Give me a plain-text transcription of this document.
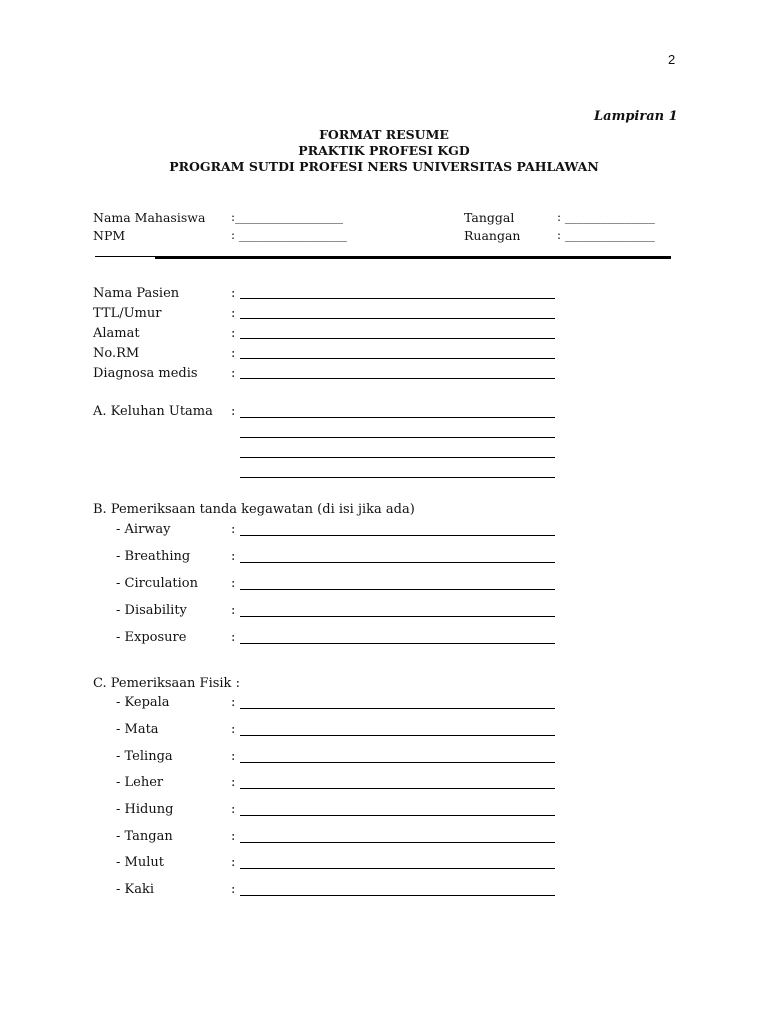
2
Lampiran 1
FORMAT RESUME
PRAKTIK PROFESI KGD
PROGRAM SUTDI PROFESI NERS UNIVERSITAS PAHLAWAN
Nama Mahasiswa :__________________	Tanggal	: _______________
NPM	: __________________	Ruangan	: _______________
Nama Pasien	:
TTL/Umur	:
Alamat	:
No.RM	:
Diagnosa medis	:
A. Keluhan Utama :
B. Pemeriksaan tanda kegawatan (di isi jika ada)
- Airway	:
- Breathing	:
- Circulation	:
- Disability	:
- Exposure	:
C. Pemeriksaan Fisik :
- Kepala	:
- Mata	:
- Telinga	:
- Leher	:
- Hidung	:
- Tangan	:
- Mulut	:
- Kaki	:
